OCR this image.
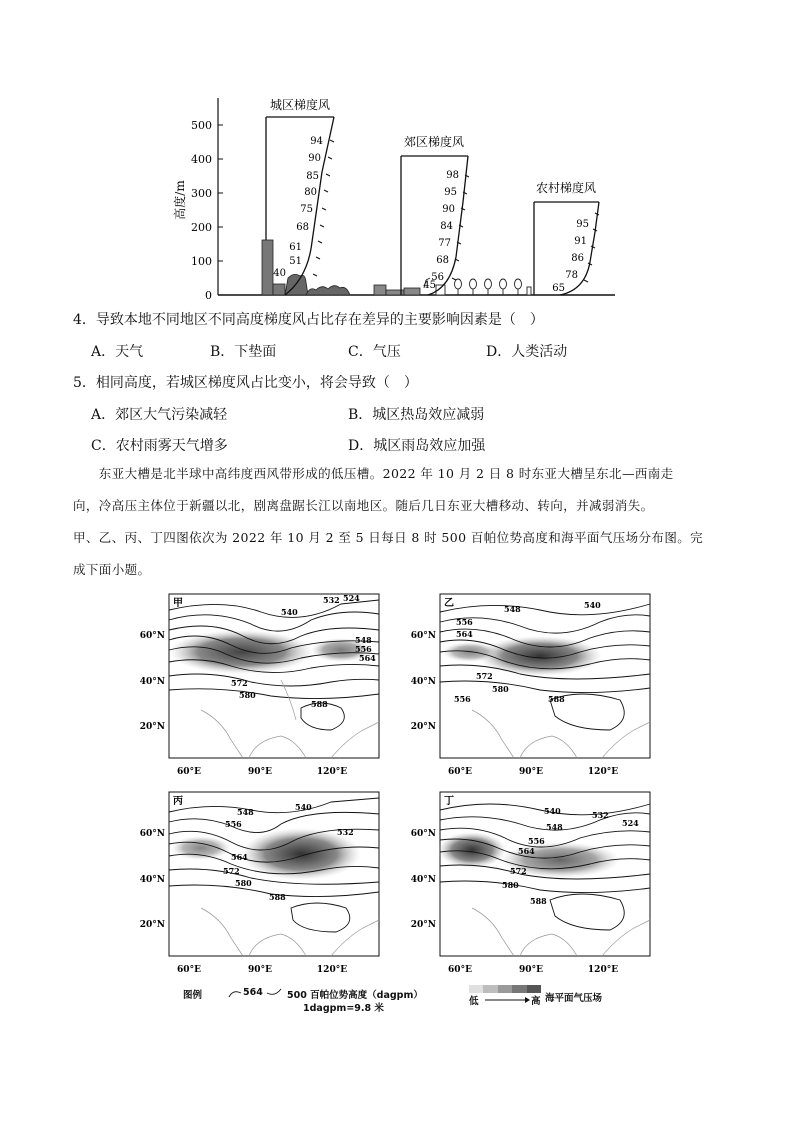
0
100
200
300
400
500
高度/m
40
51
61
68
75
80
85
90
94
城区梯度风
45
56
68
77
84
90
95
98
郊区梯度风
65
78
86
91
95
农村梯度风
4．导致本地不同地区不同高度梯度风占比存在差异的主要影响因素是（　）
A．天气	B．下垫面	C．气压	D．人类活动
5．相同高度，若城区梯度风占比变小，将会导致（　）
A．郊区大气污染减轻	B．城区热岛效应减弱
C．农村雨雾天气增多	D．城区雨岛效应加强
　　东亚大槽是北半球中高纬度西风带形成的低压槽。2022 年 10 月 2 日 8 时东亚大槽呈东北—西南走
向，冷高压主体位于新疆以北，剧离盘踞长江以南地区。随后几日东亚大槽移动、转向，并减弱消失。
甲、乙、丙、丁四图依次为 2022 年 10 月 2 至 5 日每日 8 时 500 百帕位势高度和海平面气压场分布图。完
成下面小题。
532 524
540
548
556
564
572
580
588
甲
60°N
40°N
20°N
60°E	90°E	120°E
548
556
564
540
572
580
556	588
乙
60°N
40°N
20°N
60°E	90°E	120°E
548
556
540
532
564
572
580
588
丙
60°N
40°N
20°N
60°E	90°E	120°E
540	532
524
548
556
564
572
580
588
丁
60°N
40°N
20°N
60°E	90°E	120°E
图例	564	500 百帕位势高度（dagpm）
1dagpm=9.8 米
低	高 海平面气压场
